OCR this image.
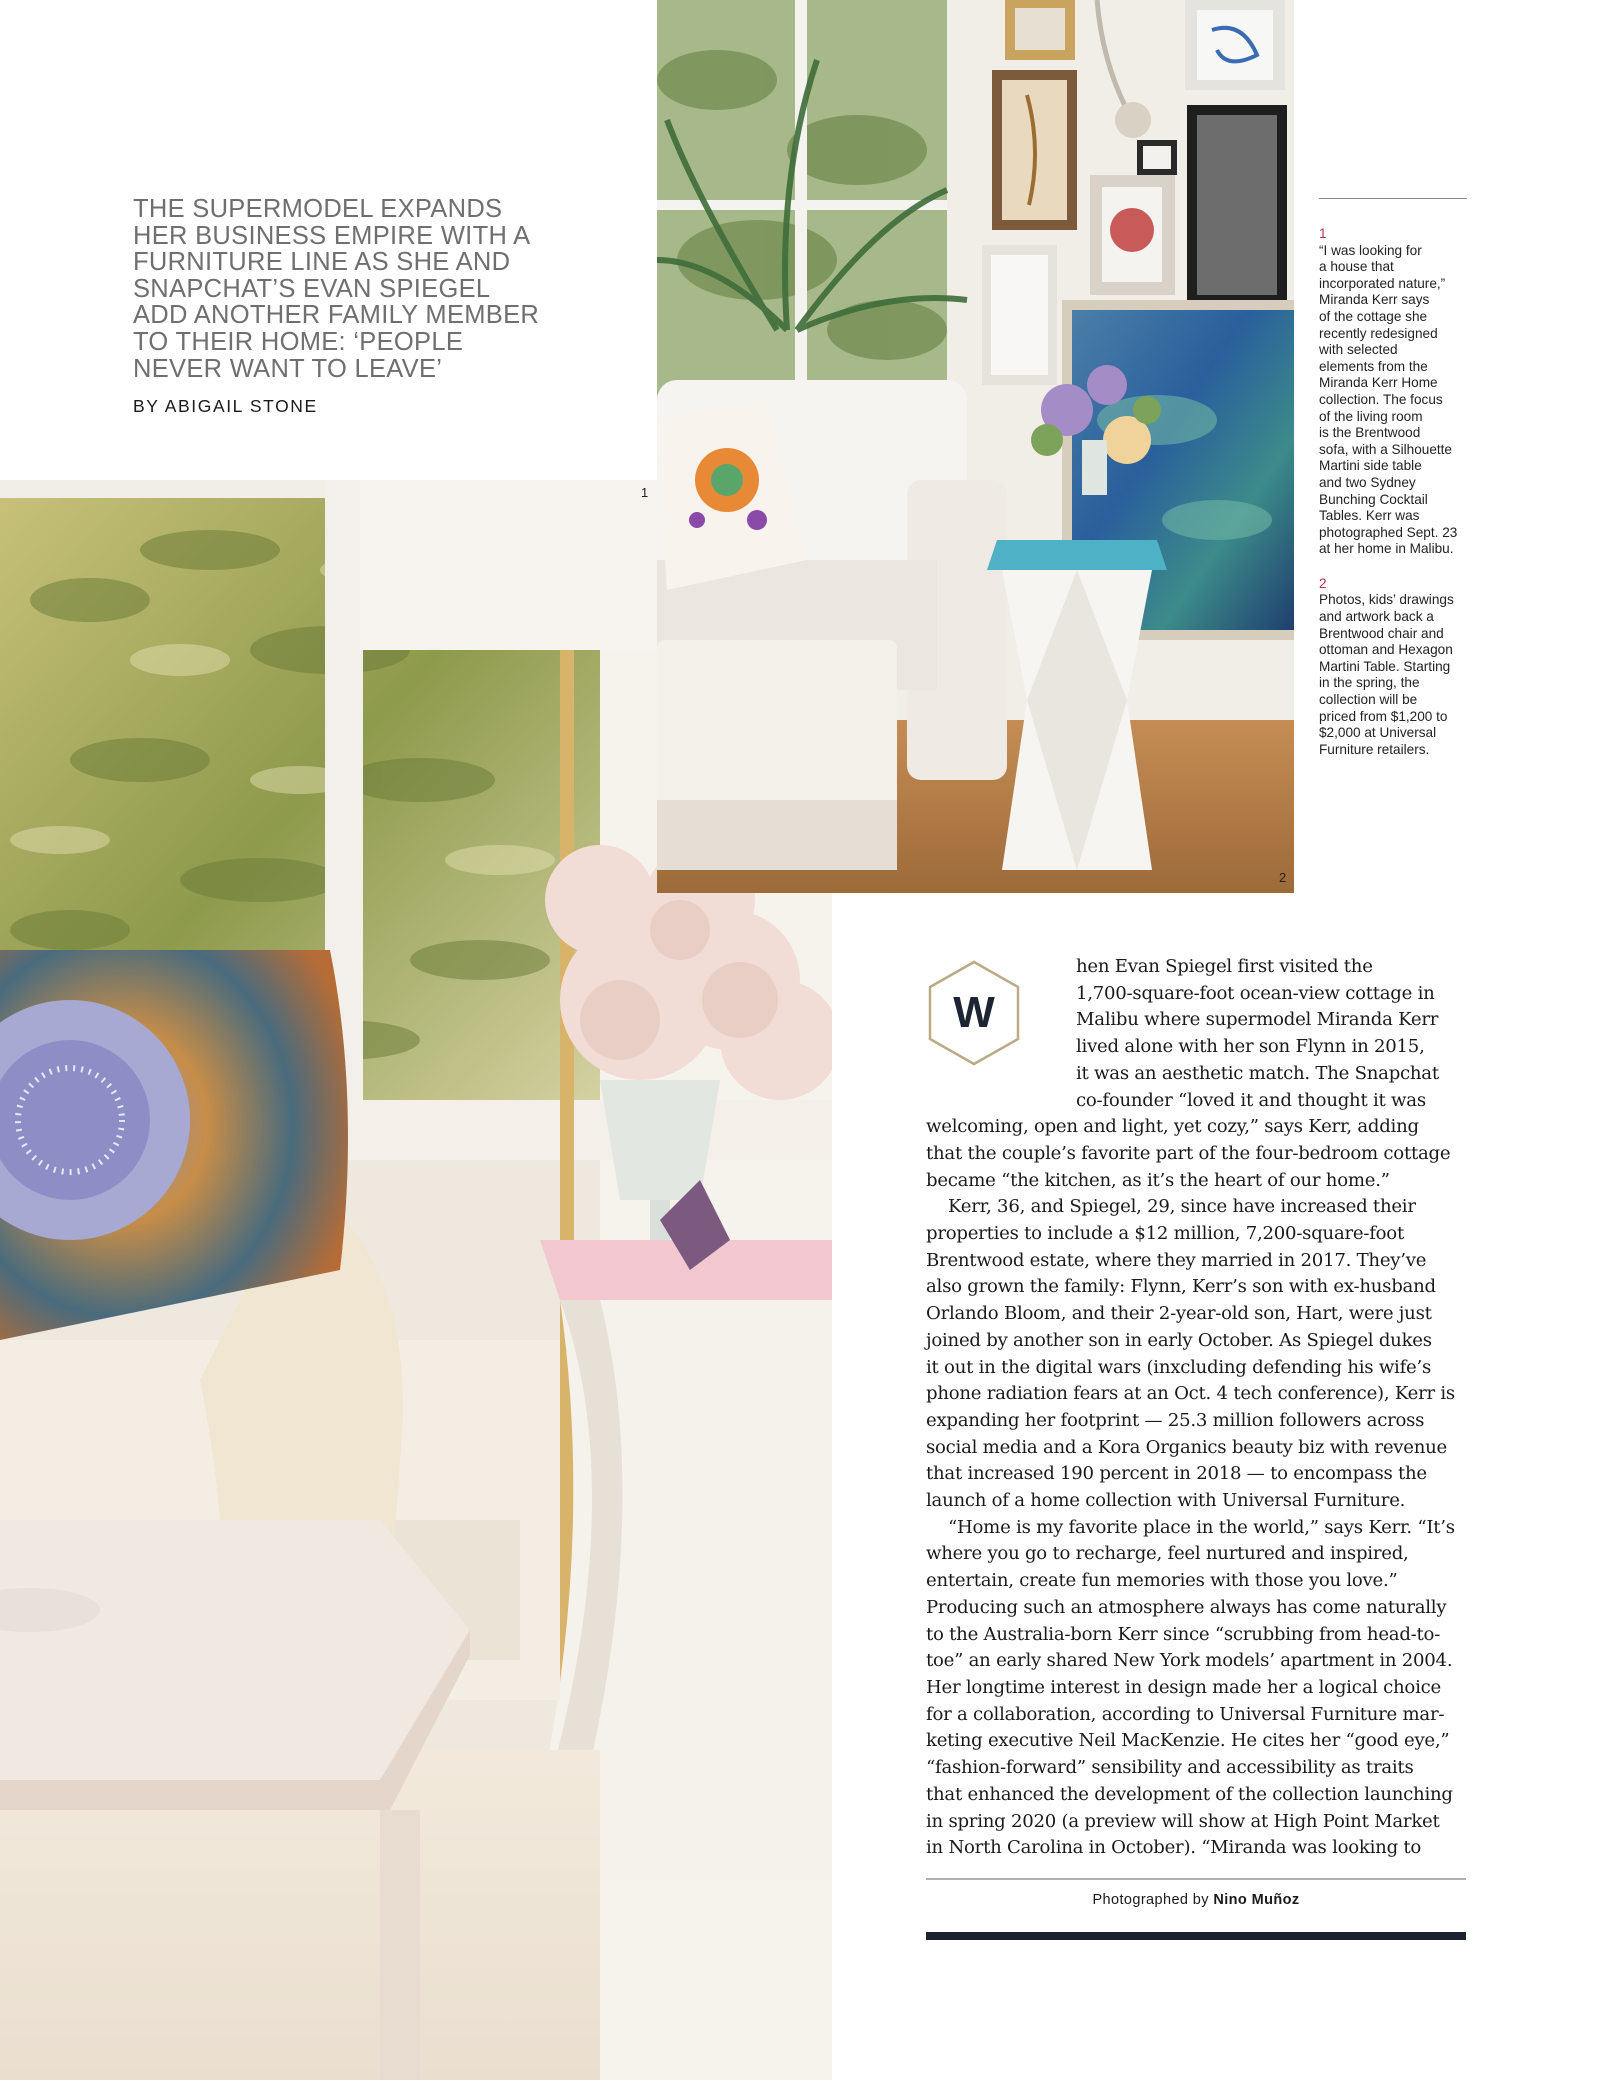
THE SUPERMODEL EXPANDS
HER BUSINESS EMPIRE WITH A
FURNITURE LINE AS SHE AND
SNAPCHAT’S EVAN SPIEGEL
ADD ANOTHER FAMILY MEMBER
TO THEIR HOME: ‘PEOPLE
NEVER WANT TO LEAVE’
BY ABIGAIL STONE
1
2
1
“I was looking for
a house that
incorporated nature,”
Miranda Kerr says
of the cottage she
recently redesigned
with selected
elements from the
Miranda Kerr Home
collection. The focus
of the living room
is the Brentwood
sofa, with a Silhouette
Martini side table
and two Sydney
Bunching Cocktail
Tables. Kerr was
photographed Sept. 23
at her home in Malibu.
2
Photos, kids’ drawings
and artwork back a
Brentwood chair and
ottoman and Hexagon
Martini Table. Starting
in the spring, the
collection will be
priced from $1,200 to
$2,000 at Universal
Furniture retailers.
W
hen Evan Spiegel first visited the
1,700-square-foot ocean-view cottage in
Malibu where supermodel Miranda Kerr
lived alone with her son Flynn in 2015,
it was an aesthetic match. The Snapchat
co-founder “loved it and thought it was
welcoming, open and light, yet cozy,” says Kerr, adding
that the couple’s favorite part of the four-bedroom cottage
became “the kitchen, as it’s the heart of our home.”
Kerr, 36, and Spiegel, 29, since have increased their
properties to include a $12 million, 7,200-square-foot
Brentwood estate, where they married in 2017. They’ve
also grown the family: Flynn, Kerr’s son with ex-husband
Orlando Bloom, and their 2-year-old son, Hart, were just
joined by another son in early October. As Spiegel dukes
it out in the digital wars (inxcluding defending his wife’s
phone radiation fears at an Oct. 4 tech conference), Kerr is
expanding her footprint — 25.3 million followers across
social media and a Kora Organics beauty biz with revenue
that increased 190 percent in 2018 — to encompass the
launch of a home collection with Universal Furniture.
“Home is my favorite place in the world,” says Kerr. “It’s
where you go to recharge, feel nurtured and inspired,
entertain, create fun memories with those you love.”
Producing such an atmosphere always has come naturally
to the Australia-born Kerr since “scrubbing from head-to-
toe” an early shared New York models’ apartment in 2004.
Her longtime interest in design made her a logical choice
for a collaboration, according to Universal Furniture mar-
keting executive Neil MacKenzie. He cites her “good eye,”
“fashion-forward” sensibility and accessibility as traits
that enhanced the development of the collection launching
in spring 2020 (a preview will show at High Point Market
in North Carolina in October). “Miranda was looking to
Photographed by Nino Muñoz
